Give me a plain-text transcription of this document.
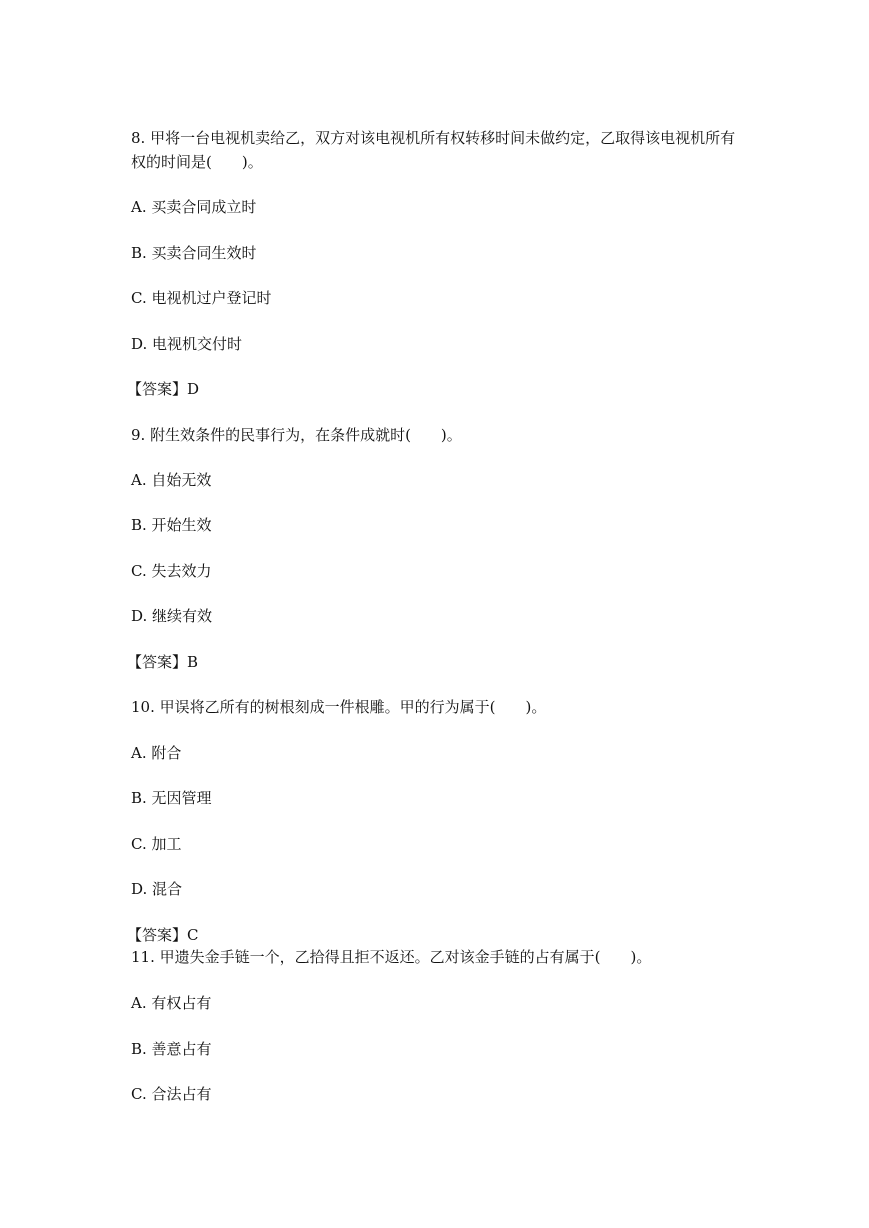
8. 甲将一台电视机卖给乙，双方对该电视机所有权转移时间未做约定，乙取得该电视机所有
权的时间是(　　)。
A. 买卖合同成立时
B. 买卖合同生效时
C. 电视机过户登记时
D. 电视机交付时
【答案】D
9. 附生效条件的民事行为，在条件成就时(　　)。
A. 自始无效
B. 开始生效
C. 失去效力
D. 继续有效
【答案】B
10. 甲误将乙所有的树根刻成一件根雕。甲的行为属于(　　)。
A. 附合
B. 无因管理
C. 加工
D. 混合
【答案】C
11. 甲遗失金手链一个，乙拾得且拒不返还。乙对该金手链的占有属于(　　)。
A. 有权占有
B. 善意占有
C. 合法占有
